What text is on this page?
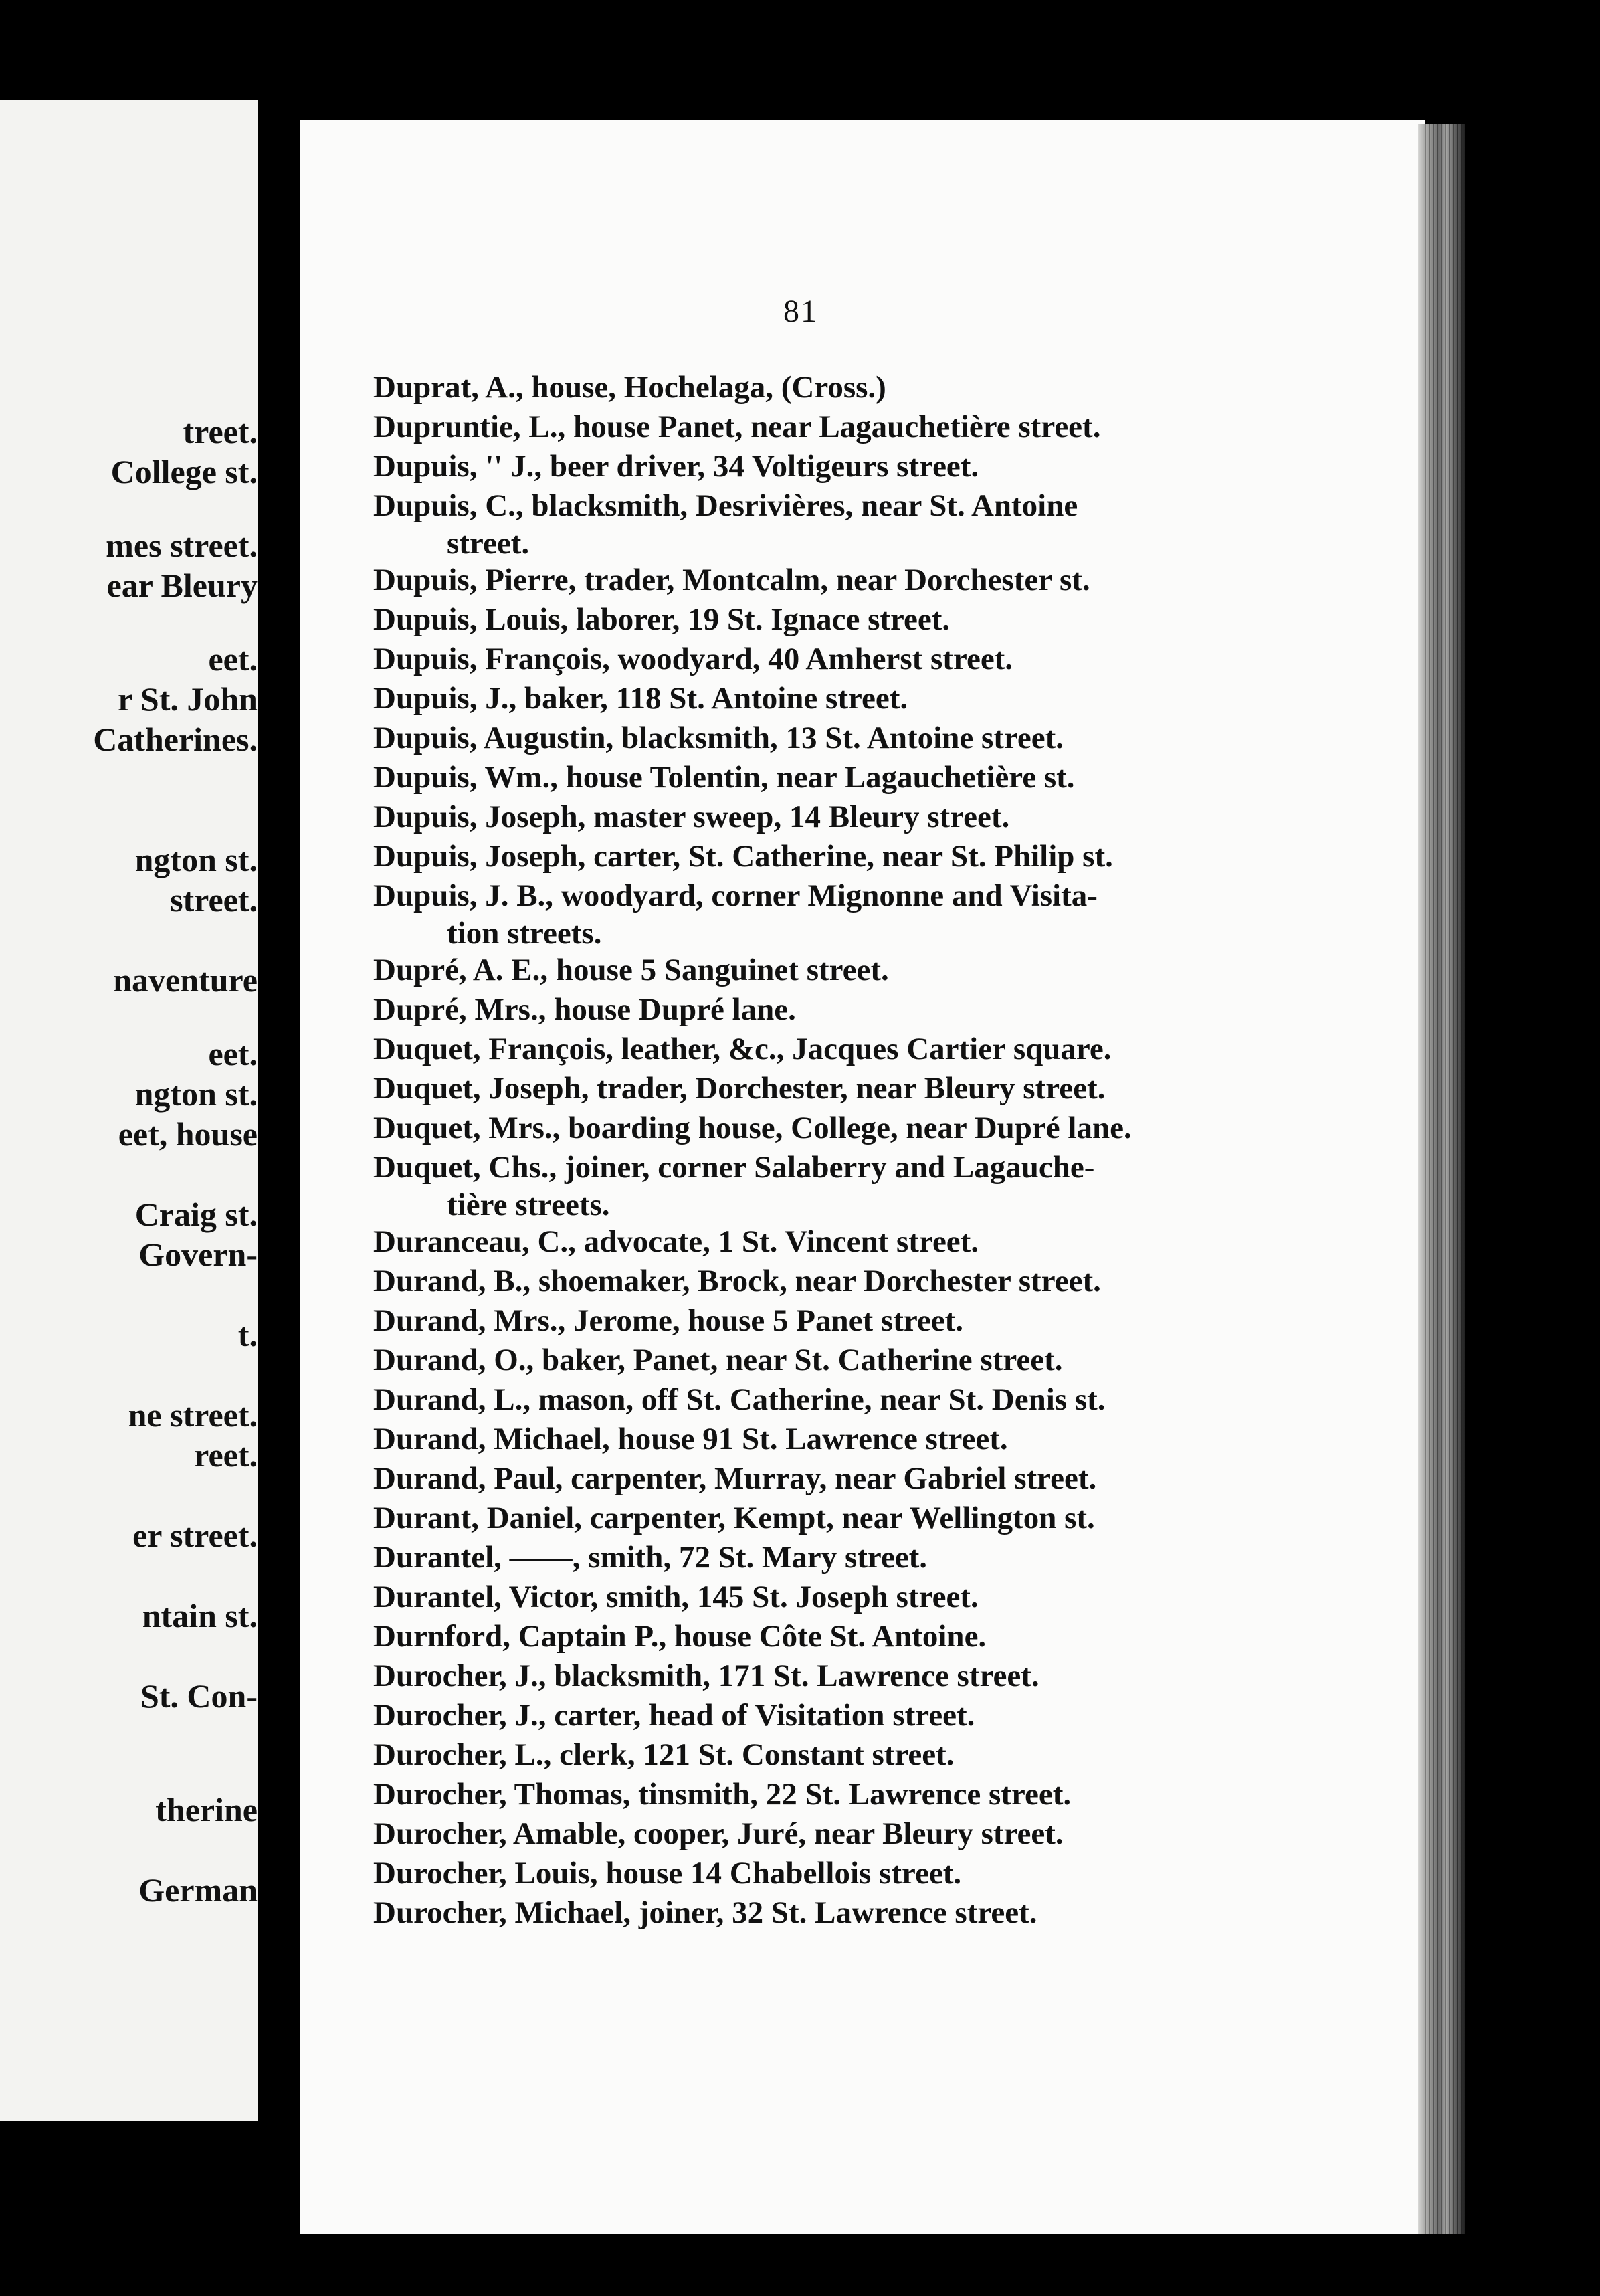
treet.
College st.
mes street.
ear Bleury
eet.
r St. John
Catherines.
ngton st.
street.
naventure
eet.
ngton st.
eet, house
Craig st.
Govern-
t.
ne street.
reet.
er street.
ntain st.
St. Con-
therine
German
81
Duprat, A., house, Hochelaga, (Cross.)
Dupruntie, L., house Panet, near Lagauchetière street.
Dupuis, '' J., beer driver, 34 Voltigeurs street.
Dupuis, C., blacksmith, Desrivières, near St. Antoine
street.
Dupuis, Pierre, trader, Montcalm, near Dorchester st.
Dupuis, Louis, laborer, 19 St. Ignace street.
Dupuis, François, woodyard, 40 Amherst street.
Dupuis, J., baker, 118 St. Antoine street.
Dupuis, Augustin, blacksmith, 13 St. Antoine street.
Dupuis, Wm., house Tolentin, near Lagauchetière st.
Dupuis, Joseph, master sweep, 14 Bleury street.
Dupuis, Joseph, carter, St. Catherine, near St. Philip st.
Dupuis, J. B., woodyard, corner Mignonne and Visita-
tion streets.
Dupré, A. E., house 5 Sanguinet street.
Dupré, Mrs., house Dupré lane.
Duquet, François, leather, &c., Jacques Cartier square.
Duquet, Joseph, trader, Dorchester, near Bleury street.
Duquet, Mrs., boarding house, College, near Dupré lane.
Duquet, Chs., joiner, corner Salaberry and Lagauche-
tière streets.
Duranceau, C., advocate, 1 St. Vincent street.
Durand, B., shoemaker, Brock, near Dorchester street.
Durand, Mrs., Jerome, house 5 Panet street.
Durand, O., baker, Panet, near St. Catherine street.
Durand, L., mason, off St. Catherine, near St. Denis st.
Durand, Michael, house 91 St. Lawrence street.
Durand, Paul, carpenter, Murray, near Gabriel street.
Durant, Daniel, carpenter, Kempt, near Wellington st.
Durantel, ——, smith, 72 St. Mary street.
Durantel, Victor, smith, 145 St. Joseph street.
Durnford, Captain P., house Côte St. Antoine.
Durocher, J., blacksmith, 171 St. Lawrence street.
Durocher, J., carter, head of Visitation street.
Durocher, L., clerk, 121 St. Constant street.
Durocher, Thomas, tinsmith, 22 St. Lawrence street.
Durocher, Amable, cooper, Juré, near Bleury street.
Durocher, Louis, house 14 Chabellois street.
Durocher, Michael, joiner, 32 St. Lawrence street.
